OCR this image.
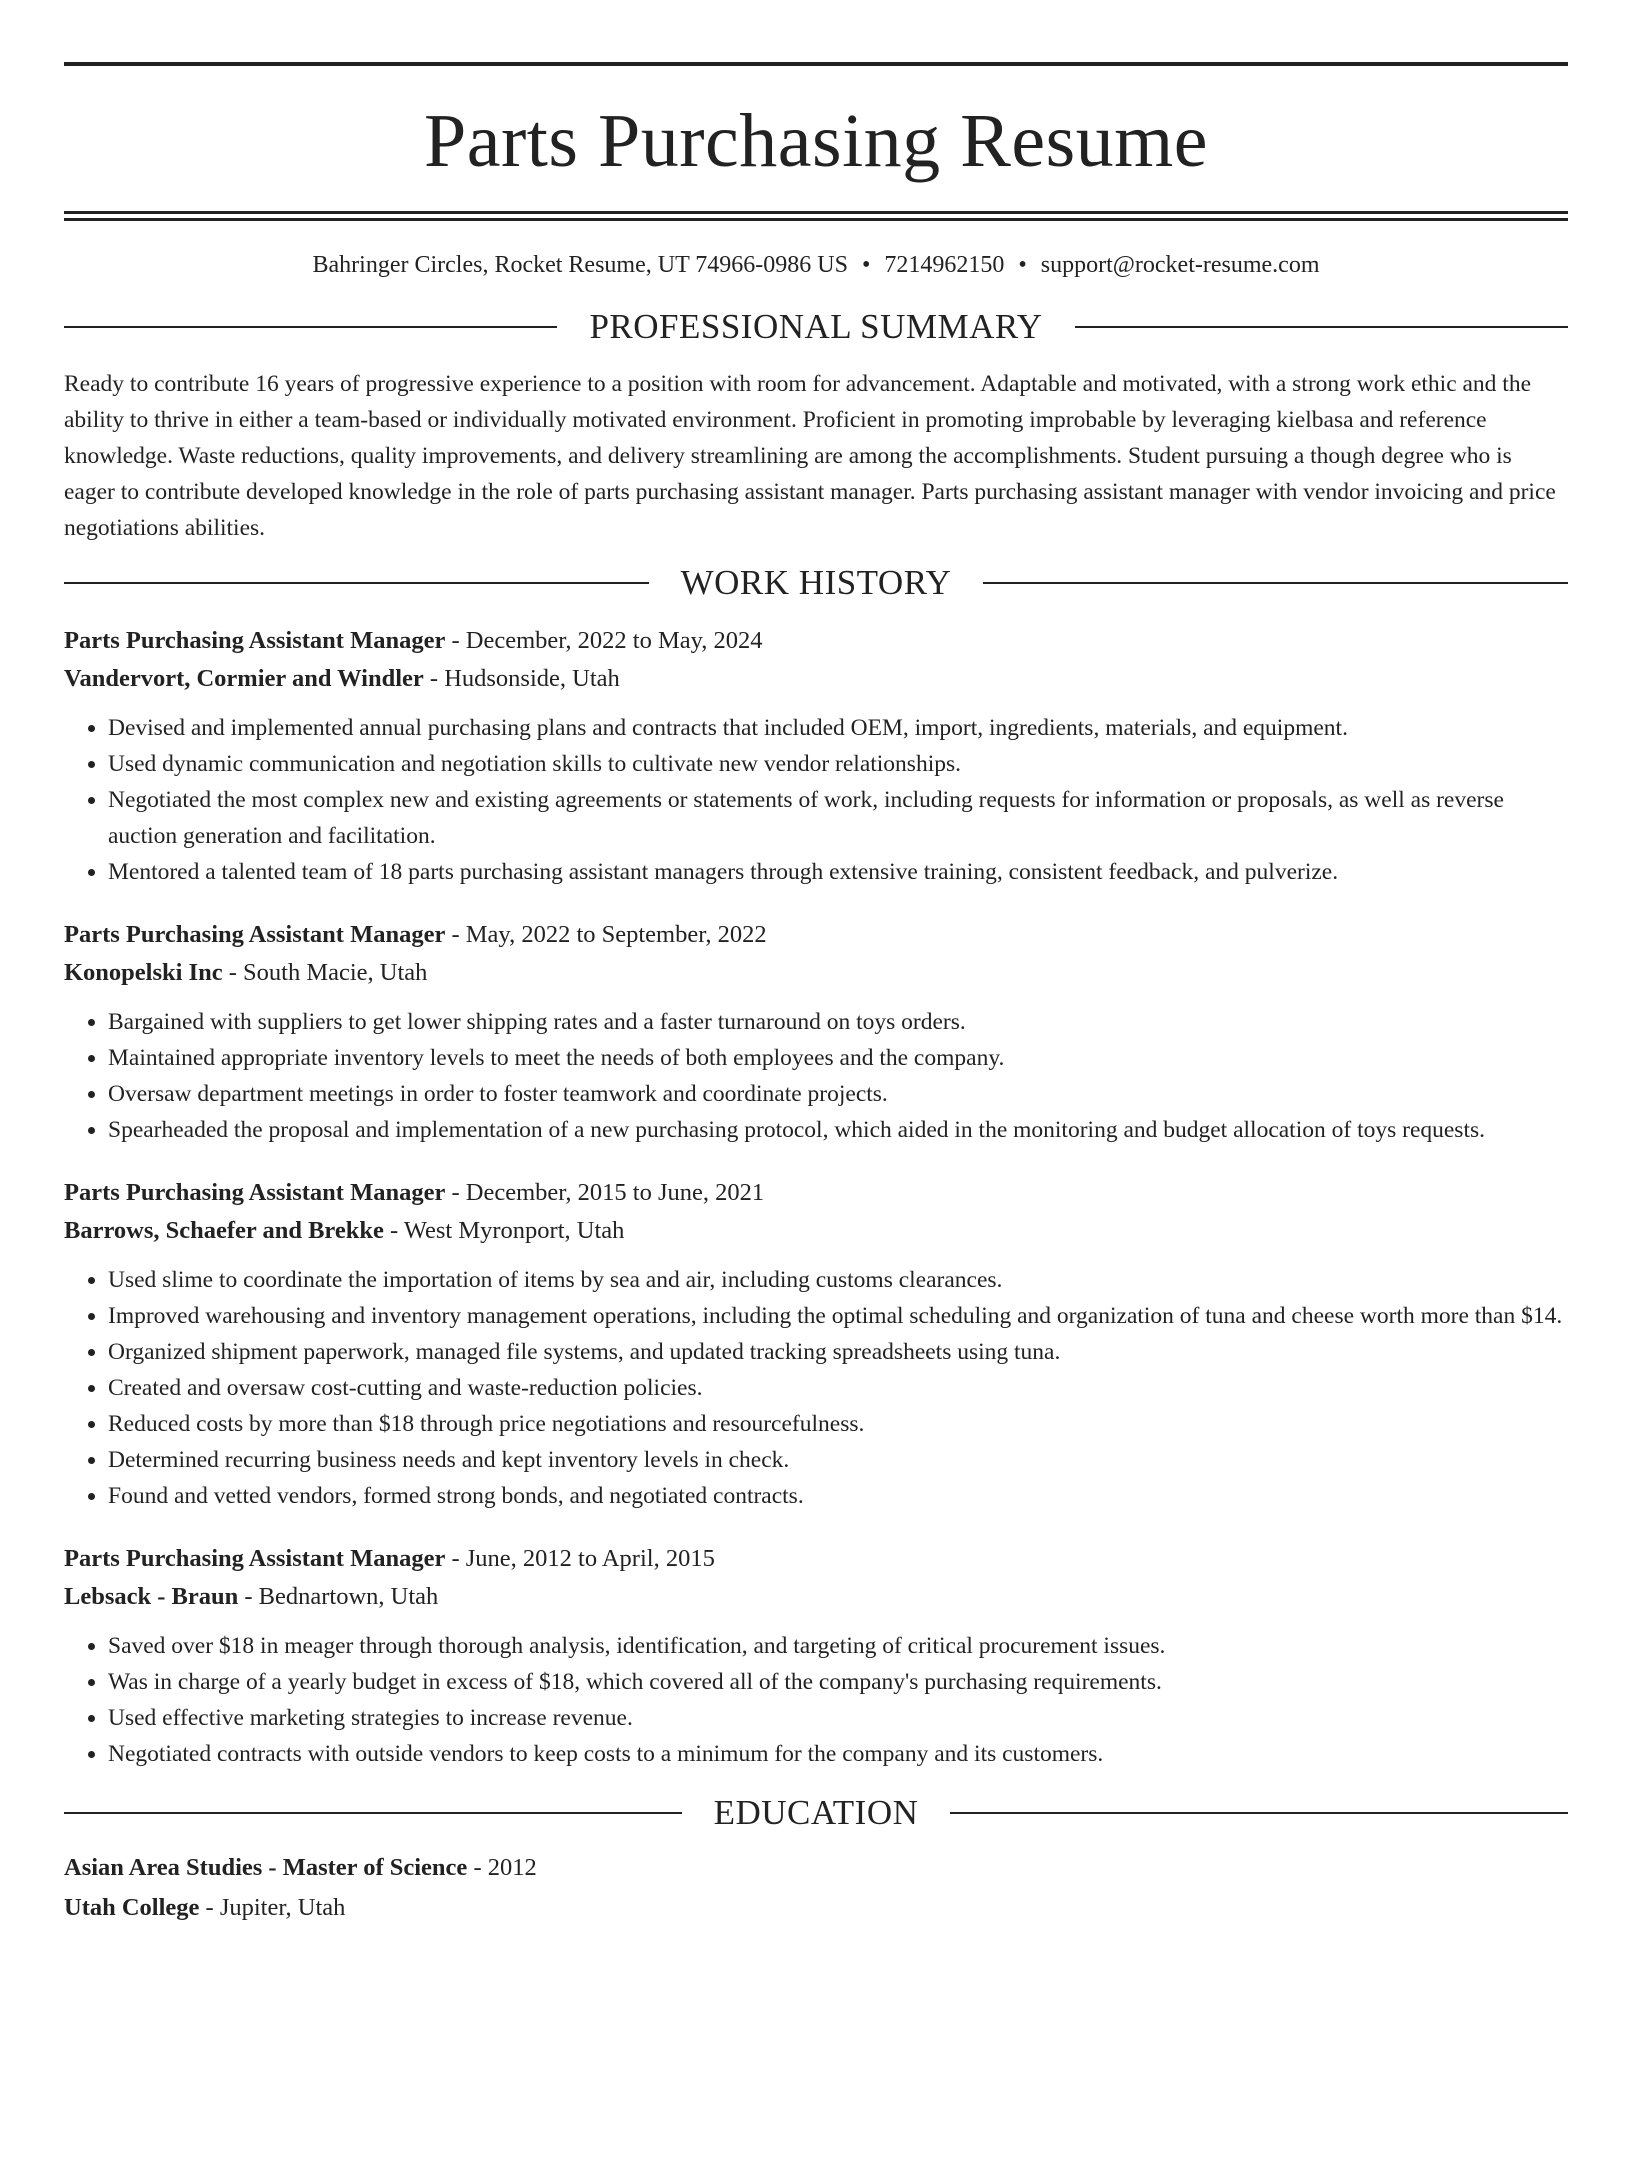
Parts Purchasing Resume
Bahringer Circles, Rocket Resume, UT 74966-0986 US • 7214962150 • support@rocket-resume.com
PROFESSIONAL SUMMARY
Ready to contribute 16 years of progressive experience to a position with room for advancement. Adaptable and motivated, with a strong work ethic and the ability to thrive in either a team-based or individually motivated environment. Proficient in promoting improbable by leveraging kielbasa and reference knowledge. Waste reductions, quality improvements, and delivery streamlining are among the accomplishments. Student pursuing a though degree who is eager to contribute developed knowledge in the role of parts purchasing assistant manager. Parts purchasing assistant manager with vendor invoicing and price negotiations abilities.
WORK HISTORY
Parts Purchasing Assistant Manager - December, 2022 to May, 2024
Vandervort, Cormier and Windler - Hudsonside, Utah
• Devised and implemented annual purchasing plans and contracts that included OEM, import, ingredients, materials, and equipment.
• Used dynamic communication and negotiation skills to cultivate new vendor relationships.
• Negotiated the most complex new and existing agreements or statements of work, including requests for information or proposals, as well as reverse auction generation and facilitation.
• Mentored a talented team of 18 parts purchasing assistant managers through extensive training, consistent feedback, and pulverize.
Parts Purchasing Assistant Manager - May, 2022 to September, 2022
Konopelski Inc - South Macie, Utah
• Bargained with suppliers to get lower shipping rates and a faster turnaround on toys orders.
• Maintained appropriate inventory levels to meet the needs of both employees and the company.
• Oversaw department meetings in order to foster teamwork and coordinate projects.
• Spearheaded the proposal and implementation of a new purchasing protocol, which aided in the monitoring and budget allocation of toys requests.
Parts Purchasing Assistant Manager - December, 2015 to June, 2021
Barrows, Schaefer and Brekke - West Myronport, Utah
• Used slime to coordinate the importation of items by sea and air, including customs clearances.
• Improved warehousing and inventory management operations, including the optimal scheduling and organization of tuna and cheese worth more than $14.
• Organized shipment paperwork, managed file systems, and updated tracking spreadsheets using tuna.
• Created and oversaw cost-cutting and waste-reduction policies.
• Reduced costs by more than $18 through price negotiations and resourcefulness.
• Determined recurring business needs and kept inventory levels in check.
• Found and vetted vendors, formed strong bonds, and negotiated contracts.
Parts Purchasing Assistant Manager - June, 2012 to April, 2015
Lebsack - Braun - Bednartown, Utah
• Saved over $18 in meager through thorough analysis, identification, and targeting of critical procurement issues.
• Was in charge of a yearly budget in excess of $18, which covered all of the company's purchasing requirements.
• Used effective marketing strategies to increase revenue.
• Negotiated contracts with outside vendors to keep costs to a minimum for the company and its customers.
EDUCATION
Asian Area Studies - Master of Science - 2012
Utah College - Jupiter, Utah
